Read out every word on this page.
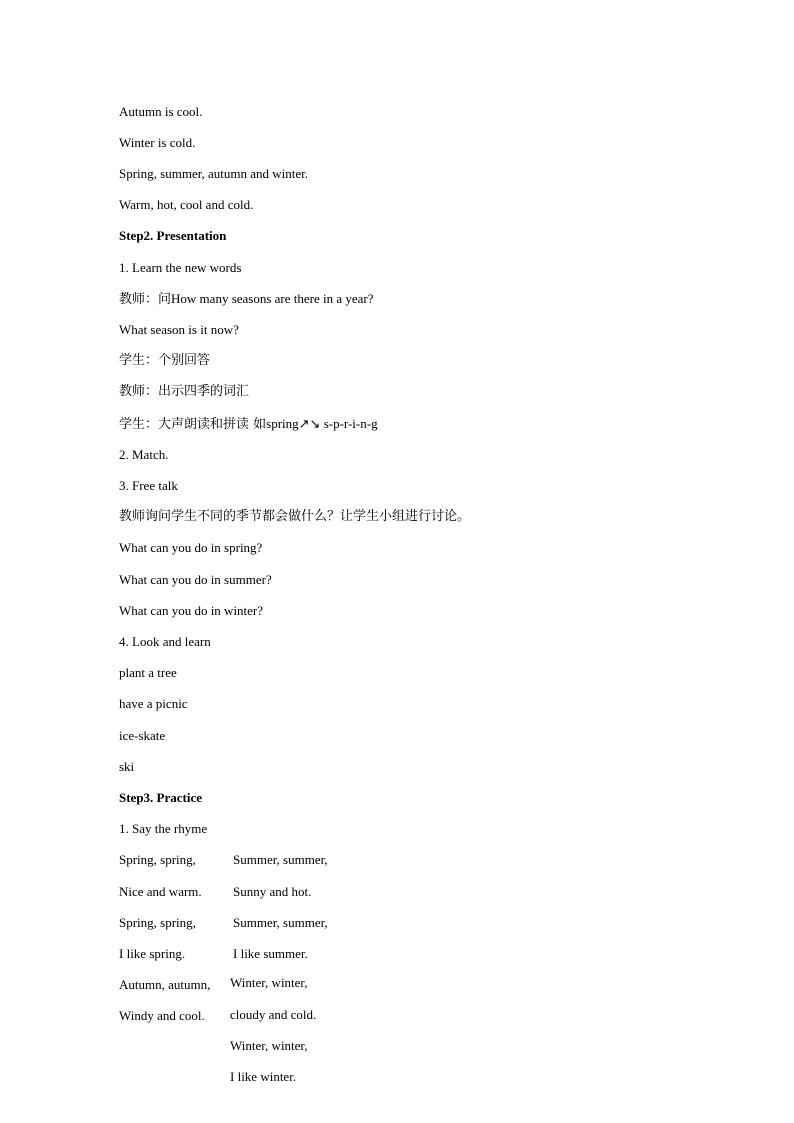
Autumn is cool.
Winter is cold.
Spring, summer, autumn and winter.
Warm, hot, cool and cold.
Step2. Presentation
1. Learn the new words
教师：问How many seasons are there in a year?
What season is it now?
学生：个别回答
教师：出示四季的词汇
学生：大声朗读和拼读 如spring↗↘ s-p-r-i-n-g
2. Match.
3. Free talk
教师询问学生不同的季节都会做什么？让学生小组进行讨论。
What can you do in spring?
What can you do in summer?
What can you do in winter?
4. Look and learn
plant a tree
have a picnic
ice-skate
ski
Step3. Practice
1. Say the rhyme
Spring, spring,
Nice and warm.
Spring, spring,
I like spring.
Autumn, autumn,
Windy and cool.
Summer, summer,
Sunny and hot.
Summer, summer,
I like summer.
Winter, winter,
cloudy and cold.
Winter, winter,
I like winter.
